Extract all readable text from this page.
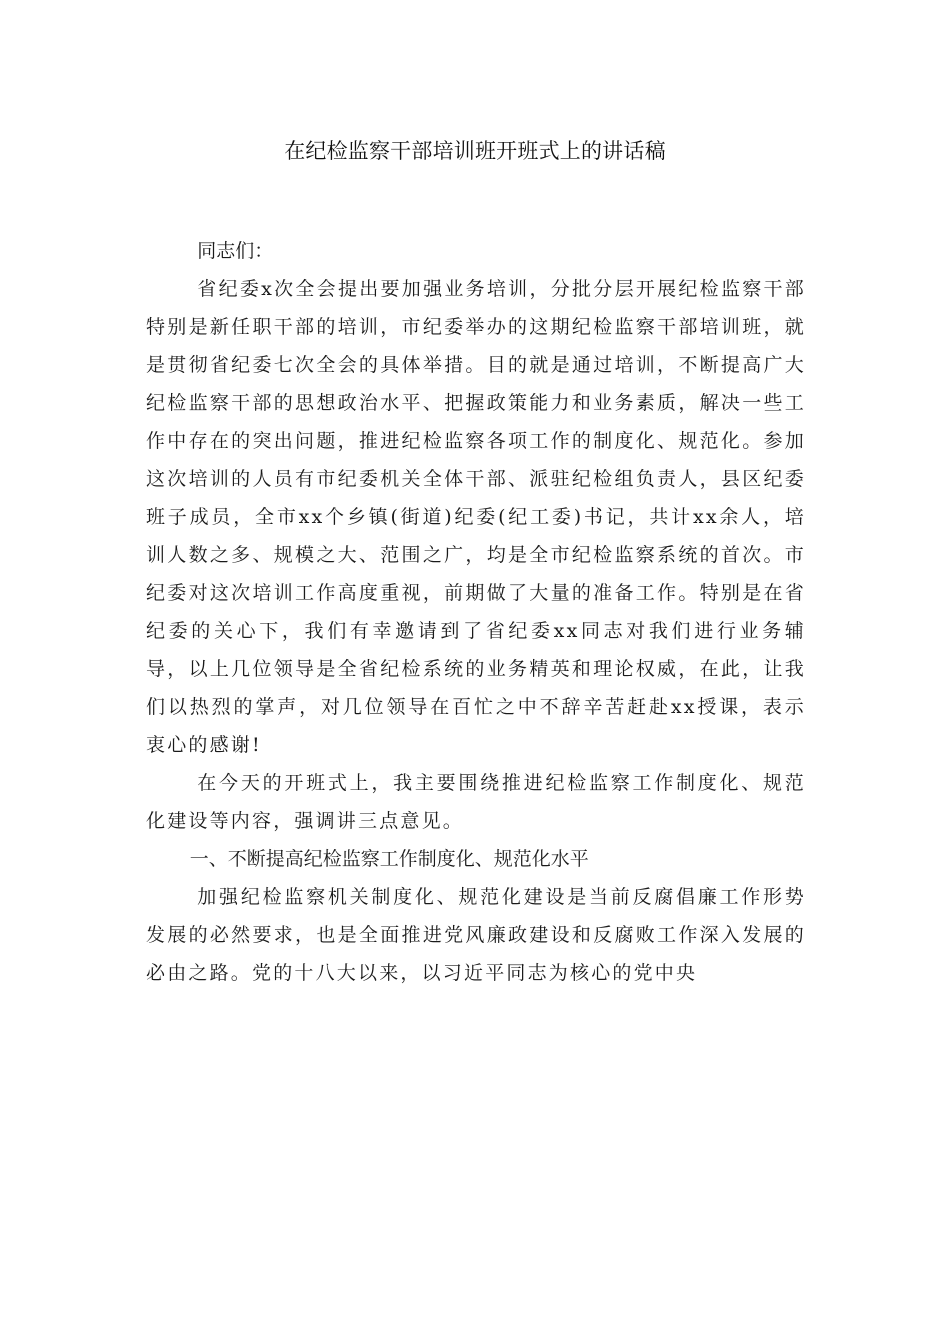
在纪检监察干部培训班开班式上的讲话稿

同志们：

省纪委x次全会提出要加强业务培训，分批分层开展纪检监察干部特别是新任职干部的培训，市纪委举办的这期纪检监察干部培训班，就是贯彻省纪委七次全会的具体举措。目的就是通过培训，不断提高广大纪检监察干部的思想政治水平、把握政策能力和业务素质，解决一些工作中存在的突出问题，推进纪检监察各项工作的制度化、规范化。参加这次培训的人员有市纪委机关全体干部、派驻纪检组负责人，县区纪委班子成员，全市xx个乡镇(街道)纪委(纪工委)书记，共计xx余人，培训人数之多、规模之大、范围之广，均是全市纪检监察系统的首次。市纪委对这次培训工作高度重视，前期做了大量的准备工作。特别是在省纪委的关心下，我们有幸邀请到了省纪委xx同志对我们进行业务辅导，以上几位领导是全省纪检系统的业务精英和理论权威，在此，让我们以热烈的掌声，对几位领导在百忙之中不辞辛苦赶赴xx授课，表示衷心的感谢!

在今天的开班式上，我主要围绕推进纪检监察工作制度化、规范化建设等内容，强调讲三点意见。

一、不断提高纪检监察工作制度化、规范化水平

加强纪检监察机关制度化、规范化建设是当前反腐倡廉工作形势发展的必然要求，也是全面推进党风廉政建设和反腐败工作深入发展的必由之路。党的十八大以来，以习近平同志为核心的党中央
